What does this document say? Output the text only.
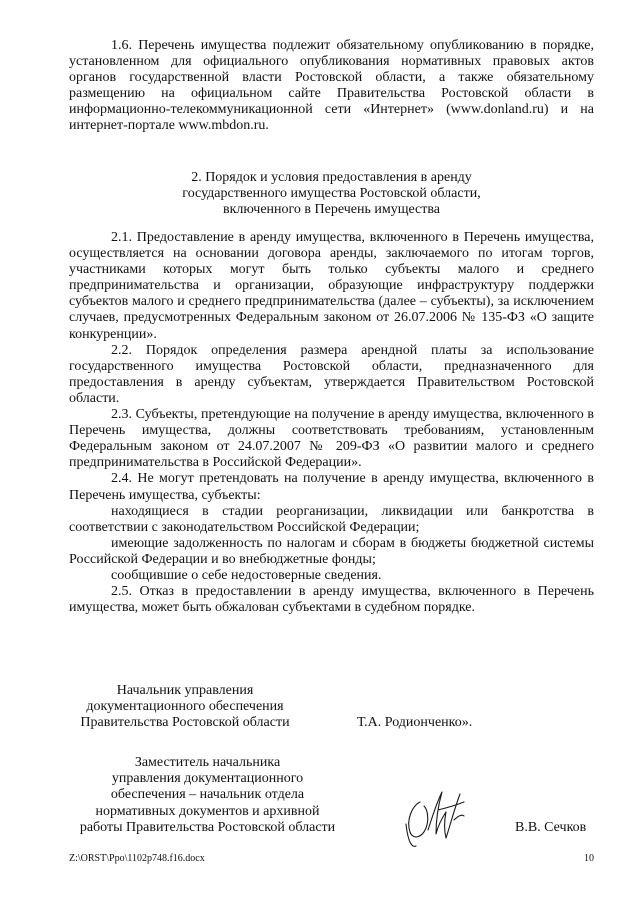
1.6. Перечень имущества подлежит обязательному опубликованию в порядке, установленном для официального опубликования нормативных правовых актов органов государственной власти Ростовской области, а также обязательному размещению на официальном сайте Правительства Ростовской области в информационно-телекоммуникационной сети «Интернет» (www.donland.ru) и на интернет-портале www.mbdon.ru.

2. Порядок и условия предоставления в аренду

государственного имущества Ростовской области,

включенного в Перечень имущества

2.1. Предоставление в аренду имущества, включенного в Перечень имущества, осуществляется на основании договора аренды, заключаемого по итогам торгов, участниками которых могут быть только субъекты малого и среднего предпринимательства и организации, образующие инфраструктуру поддержки субъектов малого и среднего предпринимательства (далее – субъекты), за исключением случаев, предусмотренных Федеральным законом от 26.07.2006 № 135-ФЗ «О защите конкуренции».

2.2. Порядок определения размера арендной платы за использование государственного имущества Ростовской области, предназначенного для предоставления в аренду субъектам, утверждается Правительством Ростовской области.

2.3. Субъекты, претендующие на получение в аренду имущества, включенного в Перечень имущества, должны соответствовать требованиям, установленным Федеральным законом от 24.07.2007 № 209-ФЗ «О развитии малого и среднего предпринимательства в Российской Федерации».

2.4. Не могут претендовать на получение в аренду имущества, включенного в Перечень имущества, субъекты:

находящиеся в стадии реорганизации, ликвидации или банкротства в соответствии с законодательством Российской Федерации;

имеющие задолженность по налогам и сборам в бюджеты бюджетной системы Российской Федерации и во внебюджетные фонды;

сообщившие о себе недостоверные сведения.

2.5. Отказ в предоставлении в аренду имущества, включенного в Перечень имущества, может быть обжалован субъектами в судебном порядке.

Начальник управления

документационного обеспечения

Правительства Ростовской области	Т.А. Родионченко».

Заместитель начальника

управления документационного

обеспечения – начальник отдела

нормативных документов и архивной

работы Правительства Ростовской области	В.В. Сечков
Z:\ORST\Ppo\1102p748.f16.docx	10
